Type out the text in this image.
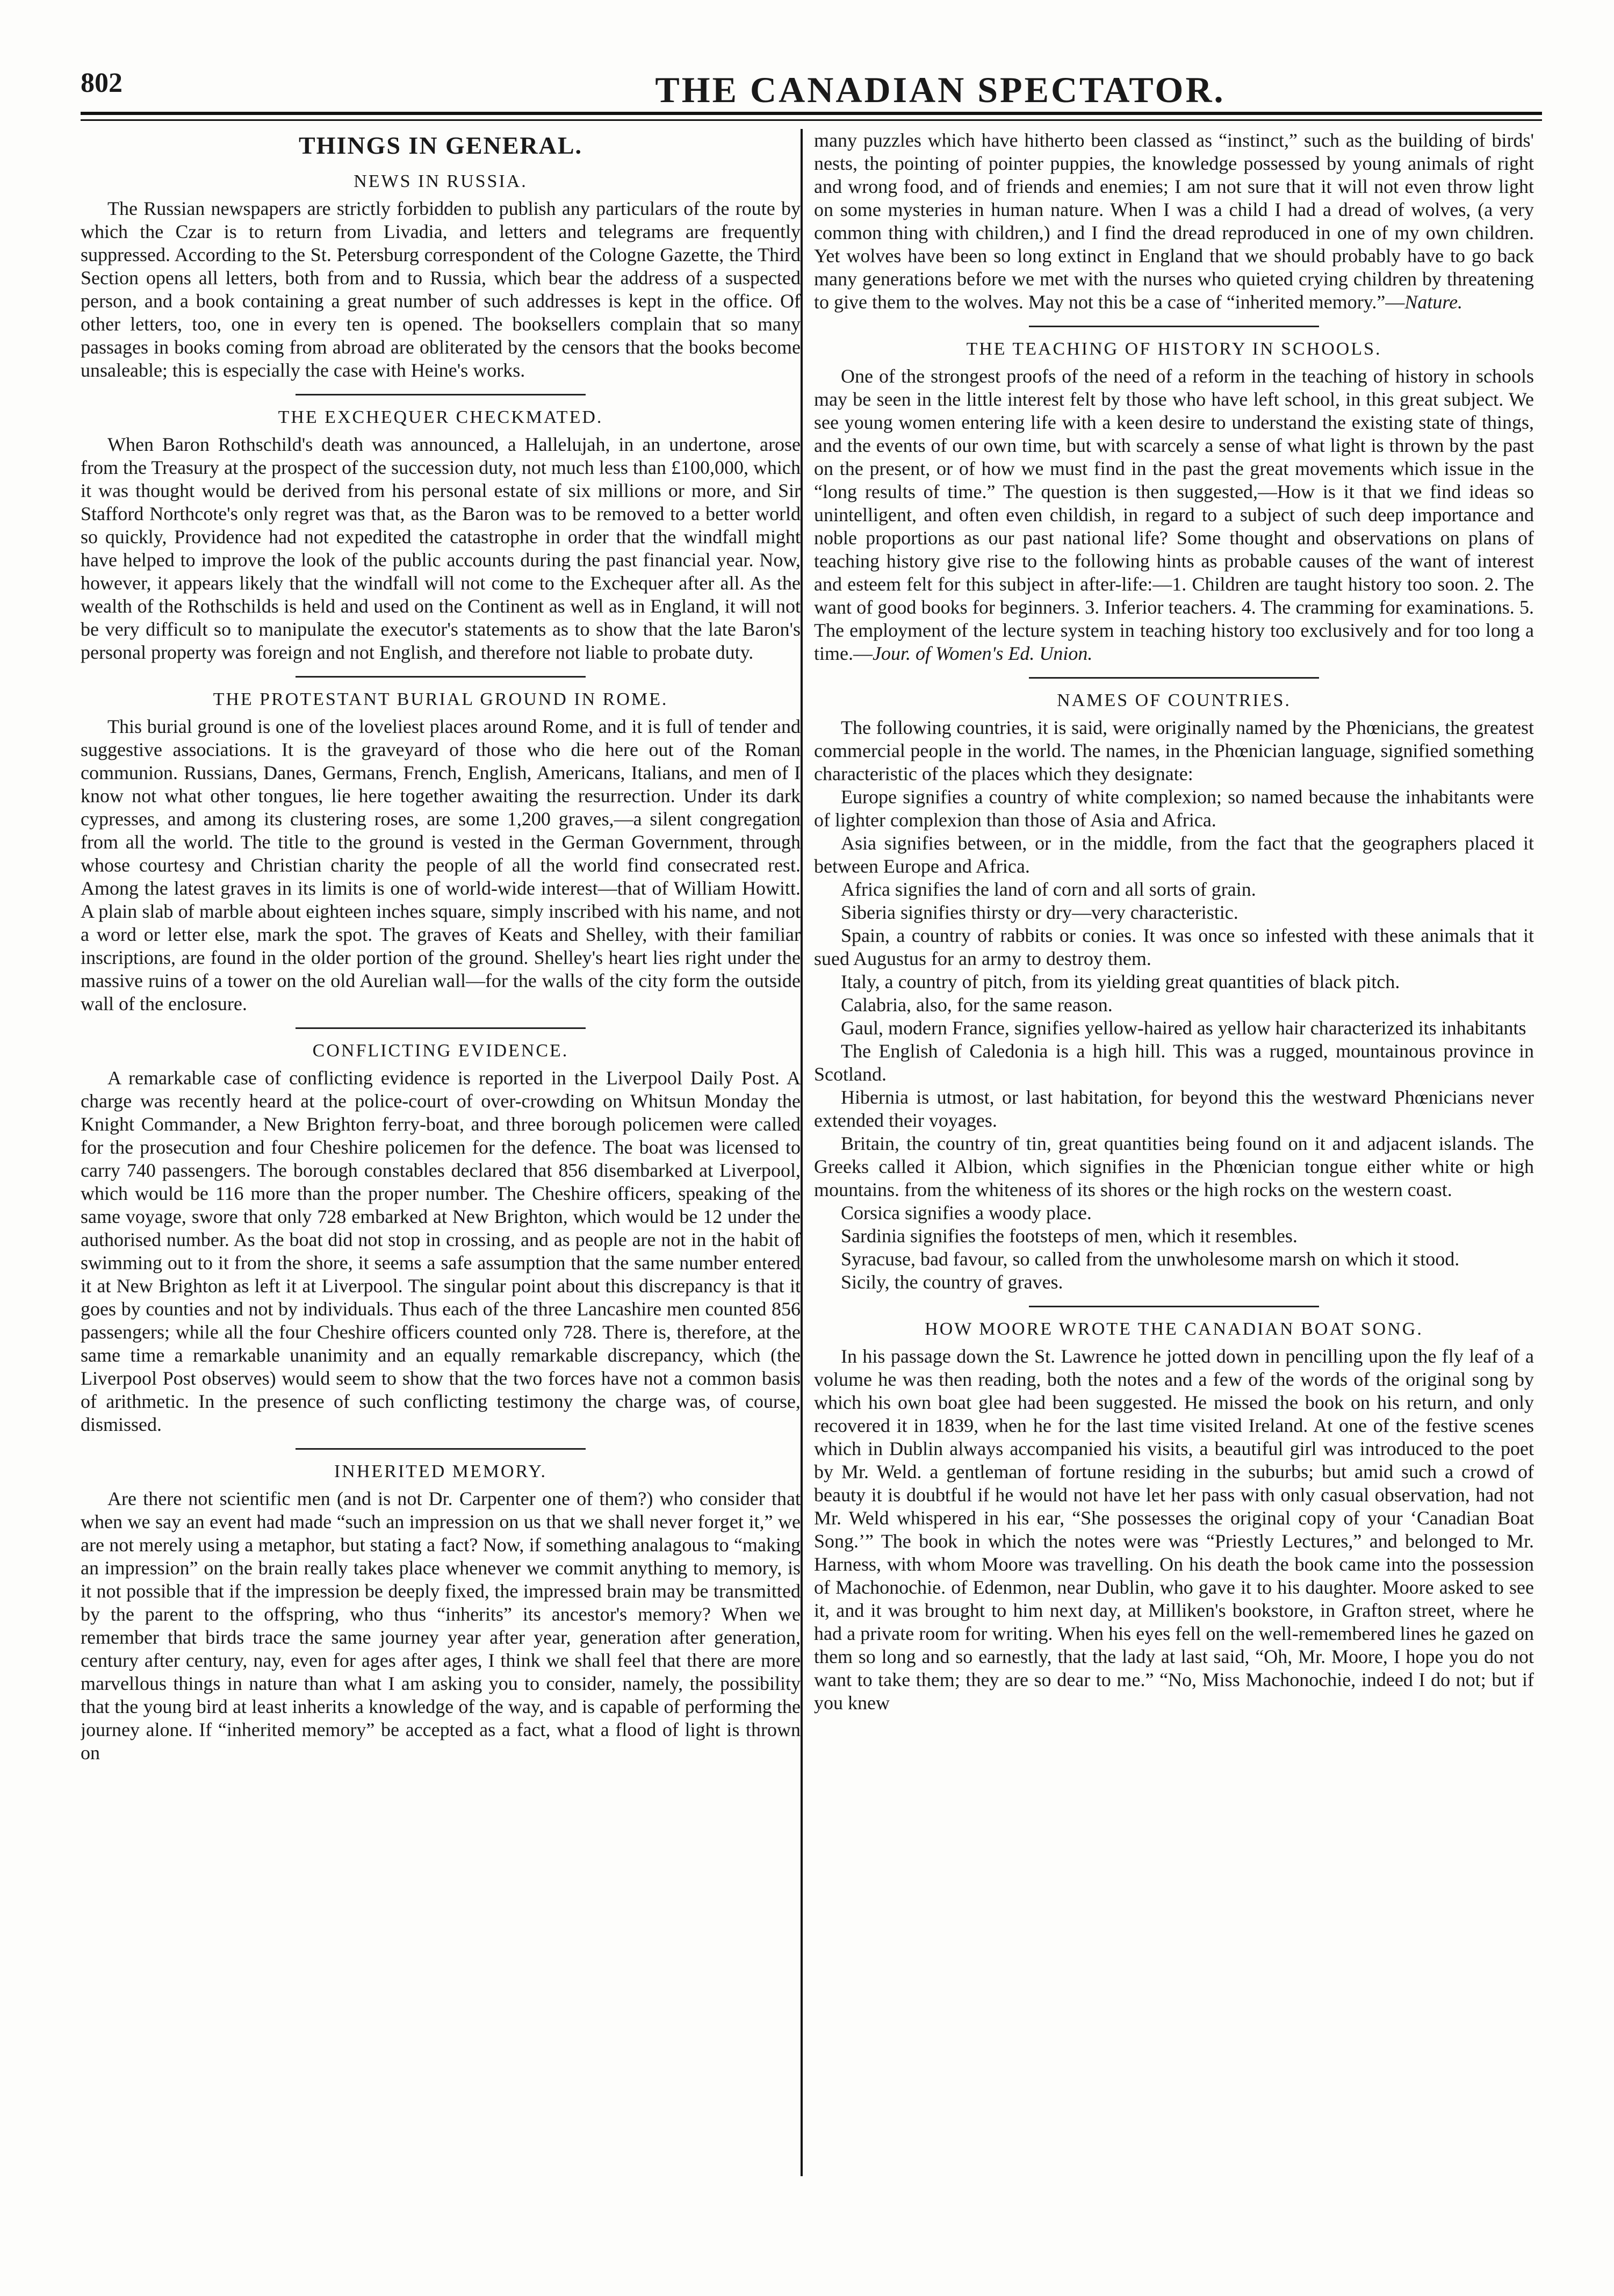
802	THE CANADIAN SPECTATOR.
THINGS IN GENERAL.
NEWS IN RUSSIA.

The Russian newspapers are strictly forbidden to publish any particulars of the route by which the Czar is to return from Livadia, and letters and telegrams are frequently suppressed. According to the St. Petersburg correspondent of the Cologne Gazette, the Third Section opens all letters, both from and to Russia, which bear the address of a suspected person, and a book containing a great number of such addresses is kept in the office. Of other letters, too, one in every ten is opened. The booksellers complain that so many passages in books coming from abroad are obliterated by the censors that the books become unsaleable; this is especially the case with Heine's works.

THE EXCHEQUER CHECKMATED.

When Baron Rothschild's death was announced, a Hallelujah, in an undertone, arose from the Treasury at the prospect of the succession duty, not much less than £100,000, which it was thought would be derived from his personal estate of six millions or more, and Sir Stafford Northcote's only regret was that, as the Baron was to be removed to a better world so quickly, Providence had not expedited the catastrophe in order that the windfall might have helped to improve the look of the public accounts during the past financial year. Now, however, it appears likely that the windfall will not come to the Exchequer after all. As the wealth of the Rothschilds is held and used on the Continent as well as in England, it will not be very difficult so to manipulate the executor's statements as to show that the late Baron's personal property was foreign and not English, and therefore not liable to probate duty.

THE PROTESTANT BURIAL GROUND IN ROME.

This burial ground is one of the loveliest places around Rome, and it is full of tender and suggestive associations. It is the graveyard of those who die here out of the Roman communion. Russians, Danes, Germans, French, English, Americans, Italians, and men of I know not what other tongues, lie here together awaiting the resurrection. Under its dark cypresses, and among its clustering roses, are some 1,200 graves,—a silent congregation from all the world. The title to the ground is vested in the German Government, through whose courtesy and Christian charity the people of all the world find consecrated rest. Among the latest graves in its limits is one of world-wide interest—that of William Howitt. A plain slab of marble about eighteen inches square, simply inscribed with his name, and not a word or letter else, mark the spot. The graves of Keats and Shelley, with their familiar inscriptions, are found in the older portion of the ground. Shelley's heart lies right under the massive ruins of a tower on the old Aurelian wall—for the walls of the city form the outside wall of the enclosure.

CONFLICTING EVIDENCE.

A remarkable case of conflicting evidence is reported in the Liverpool Daily Post. A charge was recently heard at the police-court of over-crowding on Whitsun Monday the Knight Commander, a New Brighton ferry-boat, and three borough policemen were called for the prosecution and four Cheshire policemen for the defence. The boat was licensed to carry 740 passengers. The borough constables declared that 856 disembarked at Liverpool, which would be 116 more than the proper number. The Cheshire officers, speaking of the same voyage, swore that only 728 embarked at New Brighton, which would be 12 under the authorised number. As the boat did not stop in crossing, and as people are not in the habit of swimming out to it from the shore, it seems a safe assumption that the same number entered it at New Brighton as left it at Liverpool. The singular point about this discrepancy is that it goes by counties and not by individuals. Thus each of the three Lancashire men counted 856 passengers; while all the four Cheshire officers counted only 728. There is, therefore, at the same time a remarkable unanimity and an equally remarkable discrepancy, which (the Liverpool Post observes) would seem to show that the two forces have not a common basis of arithmetic. In the presence of such conflicting testimony the charge was, of course, dismissed.

INHERITED MEMORY.

Are there not scientific men (and is not Dr. Carpenter one of them?) who consider that when we say an event had made “such an impression on us that we shall never forget it,” we are not merely using a metaphor, but stating a fact? Now, if something analagous to “making an impression” on the brain really takes place whenever we commit anything to memory, is it not possible that if the impression be deeply fixed, the impressed brain may be transmitted by the parent to the offspring, who thus “inherits” its ancestor's memory? When we remember that birds trace the same journey year after year, generation after generation, century after century, nay, even for ages after ages, I think we shall feel that there are more marvellous things in nature than what I am asking you to consider, namely, the possibility that the young bird at least inherits a knowledge of the way, and is capable of performing the journey alone. If “inherited memory” be accepted as a fact, what a flood of light is thrown on

many puzzles which have hitherto been classed as “instinct,” such as the building of birds' nests, the pointing of pointer puppies, the knowledge possessed by young animals of right and wrong food, and of friends and enemies; I am not sure that it will not even throw light on some mysteries in human nature. When I was a child I had a dread of wolves, (a very common thing with children,) and I find the dread reproduced in one of my own children. Yet wolves have been so long extinct in England that we should probably have to go back many generations before we met with the nurses who quieted crying children by threatening to give them to the wolves. May not this be a case of “inherited memory.”—Nature.

THE TEACHING OF HISTORY IN SCHOOLS.

One of the strongest proofs of the need of a reform in the teaching of history in schools may be seen in the little interest felt by those who have left school, in this great subject. We see young women entering life with a keen desire to understand the existing state of things, and the events of our own time, but with scarcely a sense of what light is thrown by the past on the present, or of how we must find in the past the great movements which issue in the “long results of time.” The question is then suggested,—How is it that we find ideas so unintelligent, and often even childish, in regard to a subject of such deep importance and noble proportions as our past national life? Some thought and observations on plans of teaching history give rise to the following hints as probable causes of the want of interest and esteem felt for this subject in after-life:—1. Children are taught history too soon. 2. The want of good books for beginners. 3. Inferior teachers. 4. The cramming for examinations. 5. The employment of the lecture system in teaching history too exclusively and for too long a time.—Jour. of Women's Ed. Union.

NAMES OF COUNTRIES.

The following countries, it is said, were originally named by the Phœnicians, the greatest commercial people in the world. The names, in the Phœnician language, signified something characteristic of the places which they designate:

Europe signifies a country of white complexion; so named because the inhabitants were of lighter complexion than those of Asia and Africa.

Asia signifies between, or in the middle, from the fact that the geographers placed it between Europe and Africa.

Africa signifies the land of corn and all sorts of grain.

Siberia signifies thirsty or dry—very characteristic.

Spain, a country of rabbits or conies. It was once so infested with these animals that it sued Augustus for an army to destroy them.

Italy, a country of pitch, from its yielding great quantities of black pitch.

Calabria, also, for the same reason.

Gaul, modern France, signifies yellow-haired as yellow hair characterized its inhabitants

The English of Caledonia is a high hill. This was a rugged, mountainous province in Scotland.

Hibernia is utmost, or last habitation, for beyond this the westward Phœnicians never extended their voyages.

Britain, the country of tin, great quantities being found on it and adjacent islands. The Greeks called it Albion, which signifies in the Phœnician tongue either white or high mountains. from the whiteness of its shores or the high rocks on the western coast.

Corsica signifies a woody place.

Sardinia signifies the footsteps of men, which it resembles.

Syracuse, bad favour, so called from the unwholesome marsh on which it stood.

Sicily, the country of graves.

HOW MOORE WROTE THE CANADIAN BOAT SONG.

In his passage down the St. Lawrence he jotted down in pencilling upon the fly leaf of a volume he was then reading, both the notes and a few of the words of the original song by which his own boat glee had been suggested. He missed the book on his return, and only recovered it in 1839, when he for the last time visited Ireland. At one of the festive scenes which in Dublin always accompanied his visits, a beautiful girl was introduced to the poet by Mr. Weld. a gentleman of fortune residing in the suburbs; but amid such a crowd of beauty it is doubtful if he would not have let her pass with only casual observation, had not Mr. Weld whispered in his ear, “She possesses the original copy of your ‘Canadian Boat Song.’” The book in which the notes were was “Priestly Lectures,” and belonged to Mr. Harness, with whom Moore was travelling. On his death the book came into the possession of Machonochie. of Edenmon, near Dublin, who gave it to his daughter. Moore asked to see it, and it was brought to him next day, at Milliken's bookstore, in Grafton street, where he had a private room for writing. When his eyes fell on the well-remembered lines he gazed on them so long and so earnestly, that the lady at last said, “Oh, Mr. Moore, I hope you do not want to take them; they are so dear to me.” “No, Miss Machonochie, indeed I do not; but if you knew
